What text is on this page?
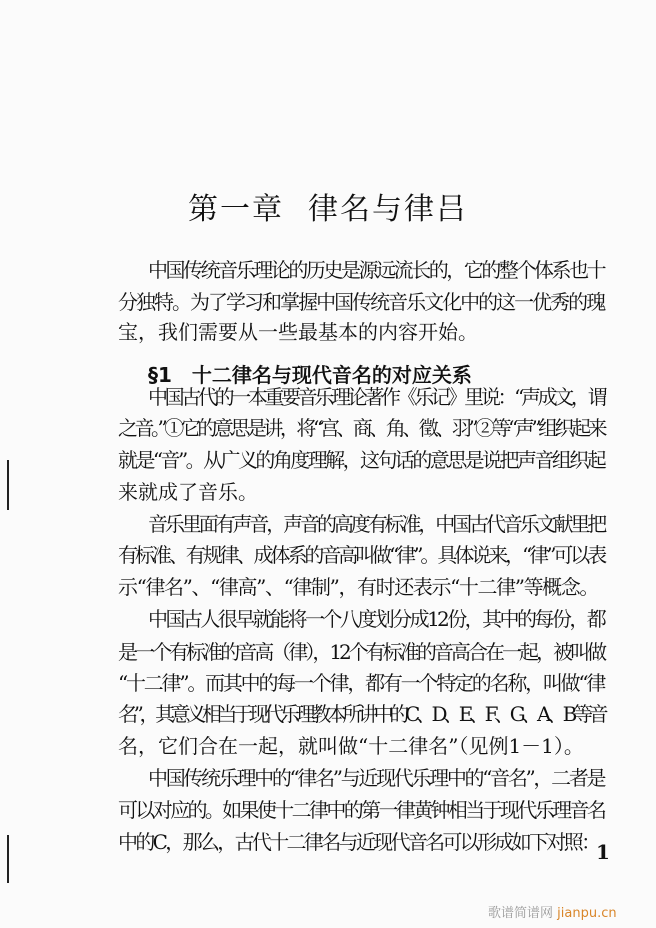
第一章 律名与律吕
中国传统音乐理论的历史是源远流长的，它的整个体系也十
分独特。为了学习和掌握中国传统音乐文化中的这一优秀的瑰
宝，我们需要从一些最基本的内容开始。
中国古代的一本重要音乐理论著作《乐记》里说：“声成文，谓
之音。”①它的意思是讲，将“宫、商、角、徵、羽”②等“声”组织起来
就是“音”。从广义的角度理解，这句话的意思是说把声音组织起
来就成了音乐。
音乐里面有声音，声音的高度有标准，中国古代音乐文献里把
有标准、有规律、成体系的音高叫做“律”。具体说来，“律”可以表
示“律名”、“律高”、“律制”，有时还表示“十二律”等概念。
中国古人很早就能将一个八度划分成12份，其中的每份，都
是一个有标准的音高（律），12个有标准的音高合在一起，被叫做
“十二律”。而其中的每一个律，都有一个特定的名称，叫做“律
名”，其意义相当于现代乐理教本所讲中的C、D、E、F、G、A、B等音
名，它们合在一起，就叫做“十二律名”（见例1－1）。
中国传统乐理中的“律名”与近现代乐理中的“音名”，二者是
可以对应的。如果使十二律中的第一律黄钟相当于现代乐理音名
中的C，那么，古代十二律名与近现代音名可以形成如下对照：
§1 十二律名与现代音名的对应关系
1
歌谱简谱网 jianpu.cn
